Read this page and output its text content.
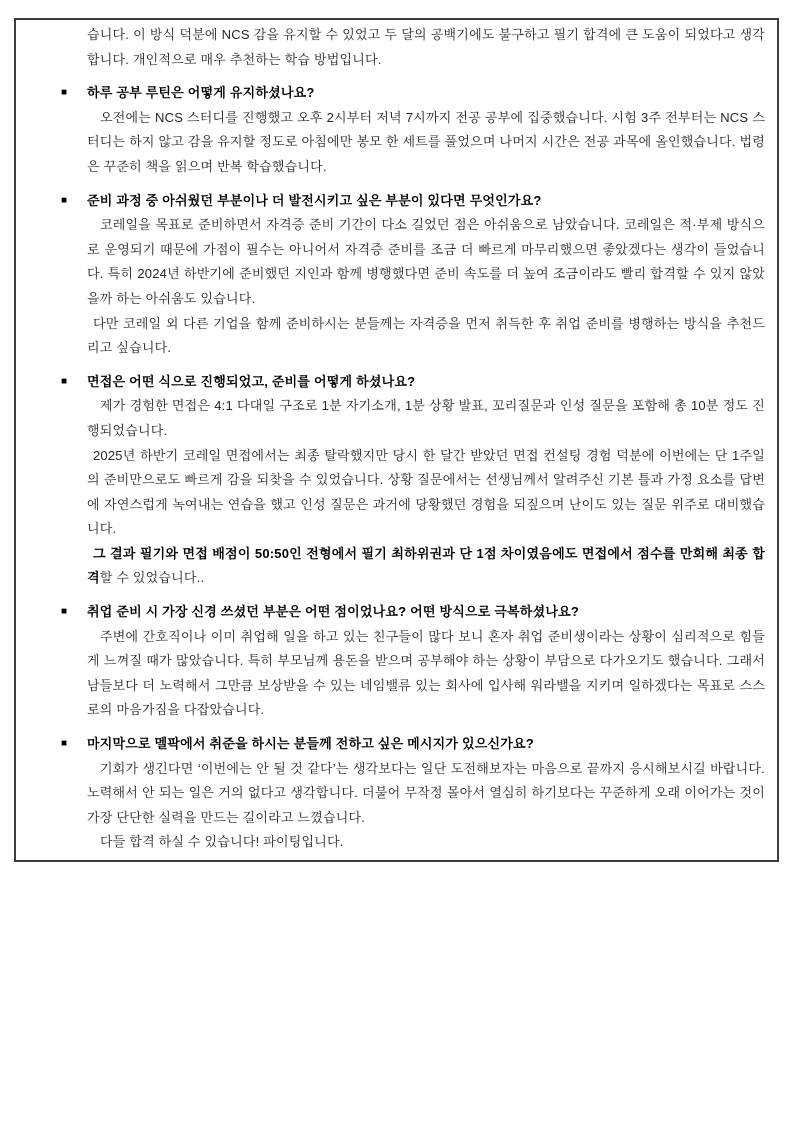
습니다. 이 방식 덕분에 NCS 감을 유지할 수 있었고 두 달의 공백기에도 불구하고 필기 합격에 큰 도움이 되었다고 생각합니다. 개인적으로 매우 추천하는 학습 방법입니다.

■ 하루 공부 루틴은 어떻게 유지하셨나요?

오전에는 NCS 스터디를 진행했고 오후 2시부터 저녁 7시까지 전공 공부에 집중했습니다. 시험 3주 전부터는 NCS 스터디는 하지 않고 감을 유지할 정도로 아침에만 봉모 한 세트를 풀었으며 나머지 시간은 전공 과목에 올인했습니다. 법령은 꾸준히 책을 읽으며 반복 학습했습니다.

■ 준비 과정 중 아쉬웠던 부분이나 더 발전시키고 싶은 부분이 있다면 무엇인가요?

코레일을 목표로 준비하면서 자격증 준비 기간이 다소 길었던 점은 아쉬움으로 남았습니다. 코레일은 적·부제 방식으로 운영되기 때문에 가점이 필수는 아니어서 자격증 준비를 조금 더 빠르게 마무리했으면 좋았겠다는 생각이 들었습니다. 특히 2024년 하반기에 준비했던 지인과 함께 병행했다면 준비 속도를 더 높여 조금이라도 빨리 합격할 수 있지 않았을까 하는 아쉬움도 있습니다.

다만 코레일 외 다른 기업을 함께 준비하시는 분들께는 자격증을 먼저 취득한 후 취업 준비를 병행하는 방식을 추천드리고 싶습니다.

■ 면접은 어떤 식으로 진행되었고, 준비를 어떻게 하셨나요?

제가 경험한 면접은 4:1 다대일 구조로 1분 자기소개, 1분 상황 발표, 꼬리질문과 인성 질문을 포함해 총 10분 정도 진행되었습니다.

2025년 하반기 코레일 면접에서는 최종 탈락했지만 당시 한 달간 받았던 면접 컨설팅 경험 덕분에 이번에는 단 1주일의 준비만으로도 빠르게 감을 되찾을 수 있었습니다. 상황 질문에서는 선생님께서 알려주신 기본 틀과 가정 요소를 답변에 자연스럽게 녹여내는 연습을 했고 인성 질문은 과거에 당황했던 경험을 되짚으며 난이도 있는 질문 위주로 대비했습니다.

그 결과 필기와 면접 배점이 50:50인 전형에서 필기 최하위권과 단 1점 차이였음에도 면접에서 점수를 만회해 최종 합격할 수 있었습니다..

■ 취업 준비 시 가장 신경 쓰셨던 부분은 어떤 점이었나요? 어떤 방식으로 극복하셨나요?

주변에 간호직이나 이미 취업해 일을 하고 있는 친구들이 많다 보니 혼자 취업 준비생이라는 상황이 심리적으로 힘들게 느껴질 때가 많았습니다. 특히 부모님께 용돈을 받으며 공부해야 하는 상황이 부담으로 다가오기도 했습니다. 그래서 남들보다 더 노력해서 그만큼 보상받을 수 있는 네임밸류 있는 회사에 입사해 워라밸을 지키며 일하겠다는 목표로 스스로의 마음가짐을 다잡았습니다.

■ 마지막으로 멜팍에서 취준을 하시는 분들께 전하고 싶은 메시지가 있으신가요?

기회가 생긴다면 ‘이번에는 안 될 것 같다’는 생각보다는 일단 도전해보자는 마음으로 끝까지 응시해보시길 바랍니다. 노력해서 안 되는 일은 거의 없다고 생각합니다. 더불어 무작정 몰아서 열심히 하기보다는 꾸준하게 오래 이어가는 것이 가장 단단한 실력을 만드는 길이라고 느꼈습니다.

다들 합격 하실 수 있습니다! 파이팅입니다.
